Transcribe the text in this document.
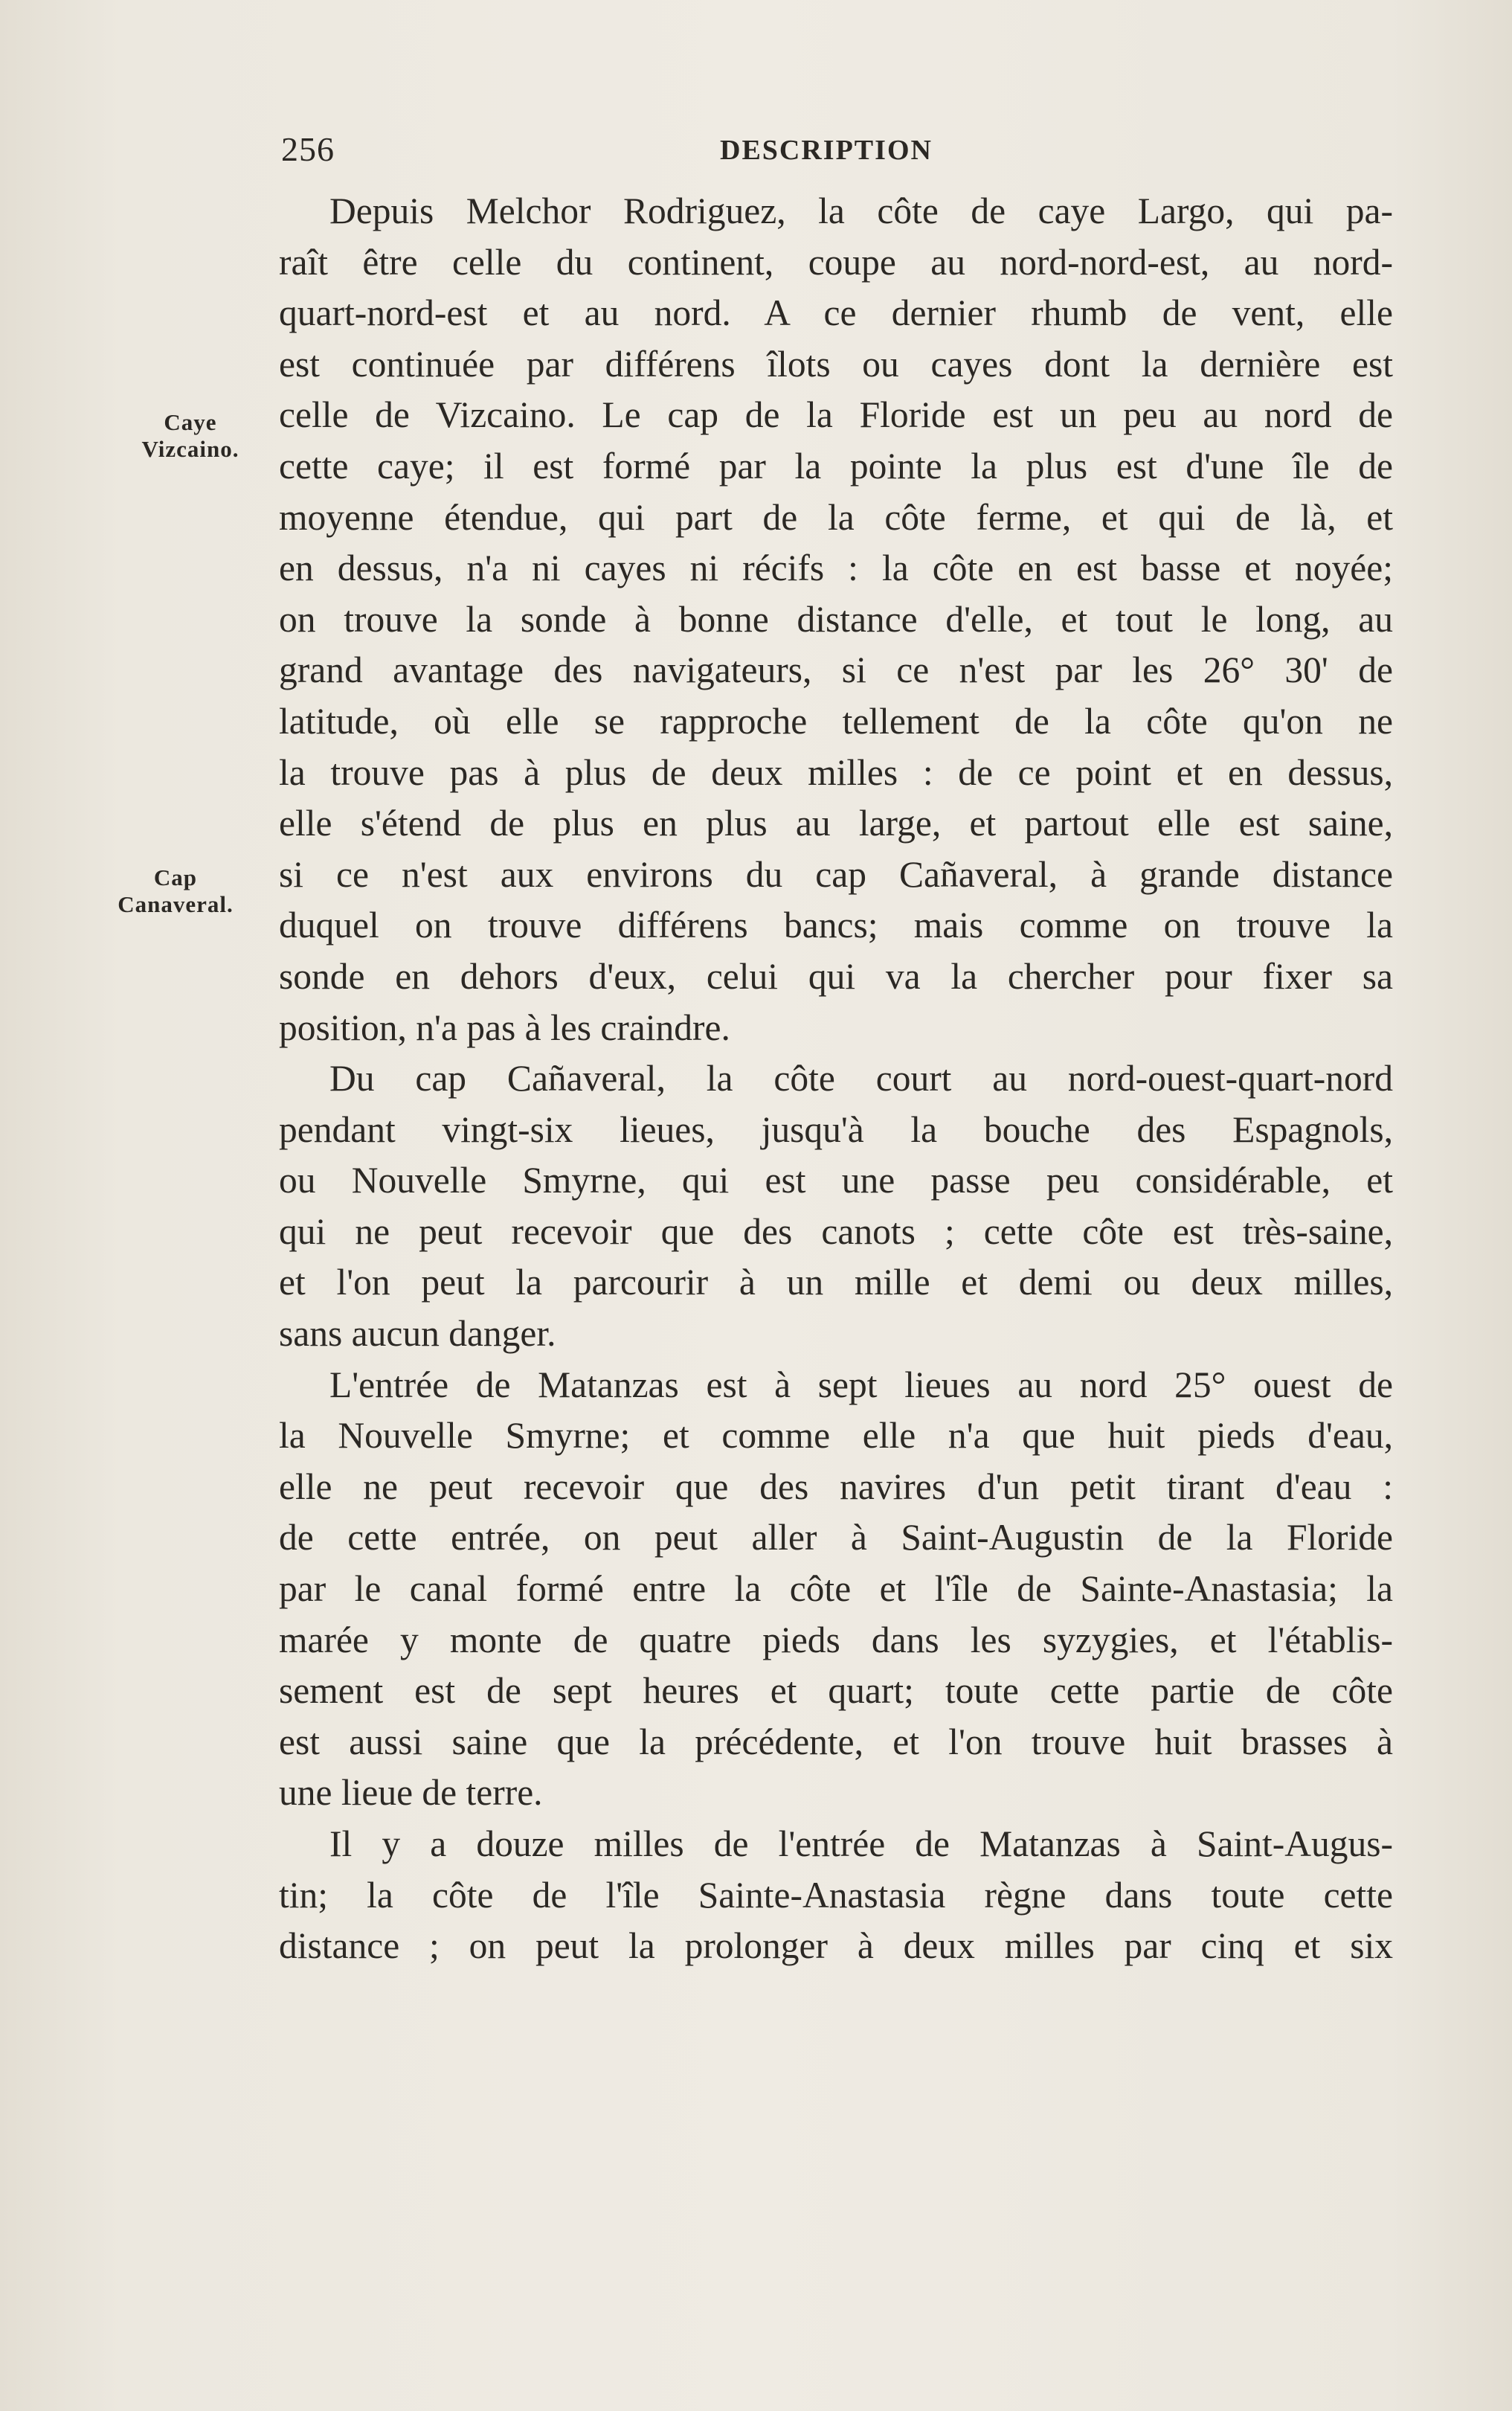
256	DESCRIPTION
Caye
Vizcaino.
Cap
Canaveral.
Depuis Melchor Rodriguez, la côte de caye Largo, qui pa-
raît être celle du continent, coupe au nord-nord-est, au nord-
quart-nord-est et au nord. A ce dernier rhumb de vent, elle
est continuée par différens îlots ou cayes dont la dernière est
celle de Vizcaino. Le cap de la Floride est un peu au nord de
cette caye; il est formé par la pointe la plus est d'une île de
moyenne étendue, qui part de la côte ferme, et qui de là, et
en dessus, n'a ni cayes ni récifs : la côte en est basse et noyée;
on trouve la sonde à bonne distance d'elle, et tout le long, au
grand avantage des navigateurs, si ce n'est par les 26° 30' de
latitude, où elle se rapproche tellement de la côte qu'on ne
la trouve pas à plus de deux milles : de ce point et en dessus,
elle s'étend de plus en plus au large, et partout elle est saine,
si ce n'est aux environs du cap Cañaveral, à grande distance
duquel on trouve différens bancs; mais comme on trouve la
sonde en dehors d'eux, celui qui va la chercher pour fixer sa
position, n'a pas à les craindre.
Du cap Cañaveral, la côte court au nord-ouest-quart-nord
pendant vingt-six lieues, jusqu'à la bouche des Espagnols,
ou Nouvelle Smyrne, qui est une passe peu considérable, et
qui ne peut recevoir que des canots ; cette côte est très-saine,
et l'on peut la parcourir à un mille et demi ou deux milles,
sans aucun danger.
L'entrée de Matanzas est à sept lieues au nord 25° ouest de
la Nouvelle Smyrne; et comme elle n'a que huit pieds d'eau,
elle ne peut recevoir que des navires d'un petit tirant d'eau :
de cette entrée, on peut aller à Saint-Augustin de la Floride
par le canal formé entre la côte et l'île de Sainte-Anastasia; la
marée y monte de quatre pieds dans les syzygies, et l'établis-
sement est de sept heures et quart; toute cette partie de côte
est aussi saine que la précédente, et l'on trouve huit brasses à
une lieue de terre.
Il y a douze milles de l'entrée de Matanzas à Saint-Augus-
tin; la côte de l'île Sainte-Anastasia règne dans toute cette
distance ; on peut la prolonger à deux milles par cinq et six
